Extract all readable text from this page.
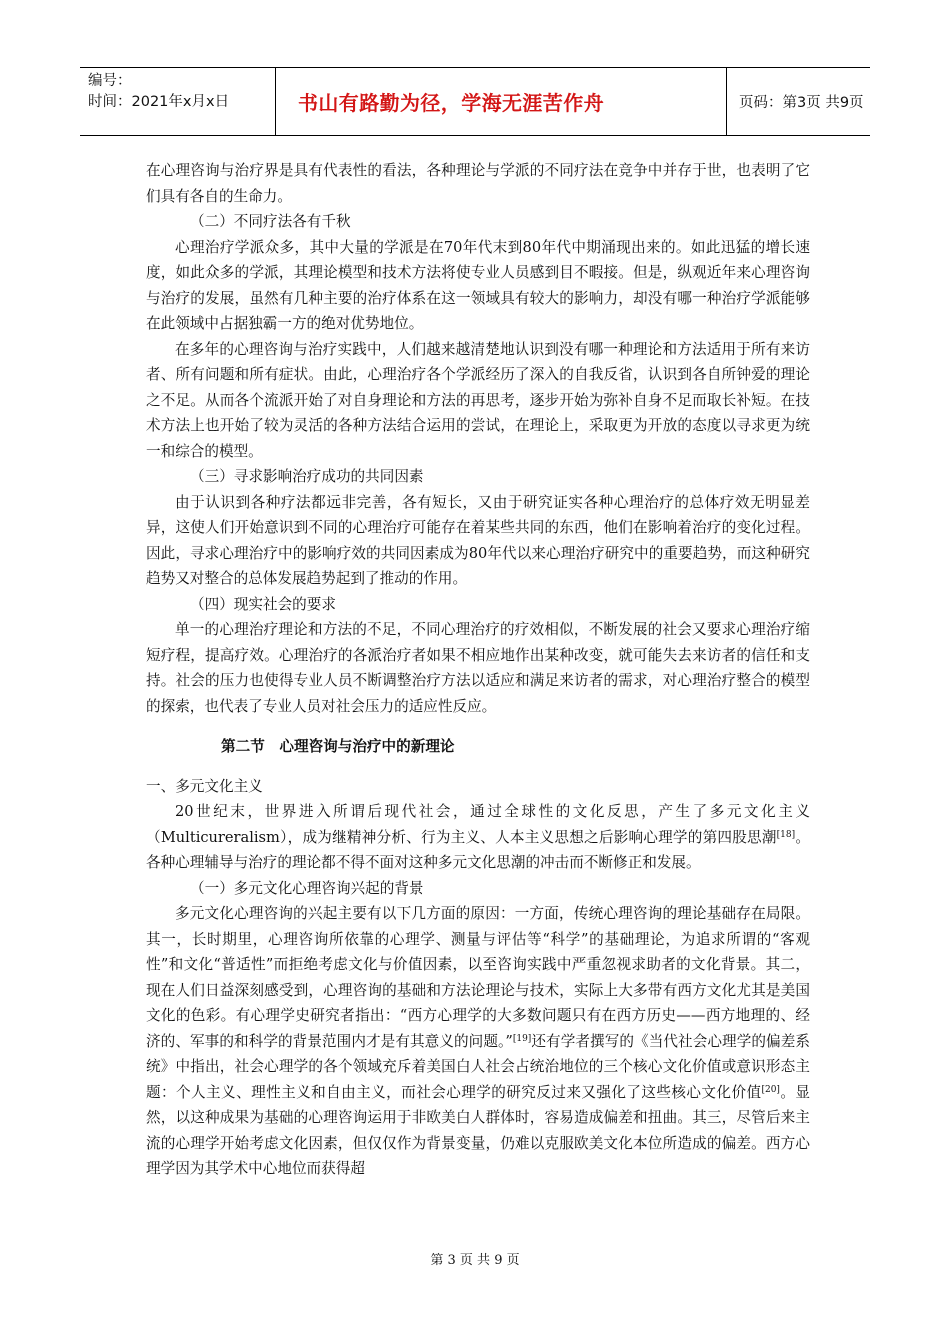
编号：
时间：2021年x月x日	书山有路勤为径，学海无涯苦作舟	页码：第3页 共9页

在心理咨询与治疗界是具有代表性的看法，各种理论与学派的不同疗法在竞争中并存于世，也表明了它们具有各自的生命力。

（二）不同疗法各有千秋

心理治疗学派众多，其中大量的学派是在70年代末到80年代中期涌现出来的。如此迅猛的增长速度，如此众多的学派，其理论模型和技术方法将使专业人员感到目不暇接。但是，纵观近年来心理咨询与治疗的发展，虽然有几种主要的治疗体系在这一领域具有较大的影响力，却没有哪一种治疗学派能够在此领域中占据独霸一方的绝对优势地位。

在多年的心理咨询与治疗实践中，人们越来越清楚地认识到没有哪一种理论和方法适用于所有来访者、所有问题和所有症状。由此，心理治疗各个学派经历了深入的自我反省，认识到各自所钟爱的理论之不足。从而各个流派开始了对自身理论和方法的再思考，逐步开始为弥补自身不足而取长补短。在技术方法上也开始了较为灵活的各种方法结合运用的尝试，在理论上，采取更为开放的态度以寻求更为统一和综合的模型。

（三）寻求影响治疗成功的共同因素

由于认识到各种疗法都远非完善，各有短长，又由于研究证实各种心理治疗的总体疗效无明显差异，这使人们开始意识到不同的心理治疗可能存在着某些共同的东西，他们在影响着治疗的变化过程。因此，寻求心理治疗中的影响疗效的共同因素成为80年代以来心理治疗研究中的重要趋势，而这种研究趋势又对整合的总体发展趋势起到了推动的作用。

（四）现实社会的要求

单一的心理治疗理论和方法的不足，不同心理治疗的疗效相似，不断发展的社会又要求心理治疗缩短疗程，提高疗效。心理治疗的各派治疗者如果不相应地作出某种改变，就可能失去来访者的信任和支持。社会的压力也使得专业人员不断调整治疗方法以适应和满足来访者的需求，对心理治疗整合的模型的探索，也代表了专业人员对社会压力的适应性反应。

第二节　心理咨询与治疗中的新理论

一、多元文化主义

20世纪末，世界进入所谓后现代社会，通过全球性的文化反思，产生了多元文化主义（Multicureralism），成为继精神分析、行为主义、人本主义思想之后影响心理学的第四股思潮[18]。各种心理辅导与治疗的理论都不得不面对这种多元文化思潮的冲击而不断修正和发展。

（一）多元文化心理咨询兴起的背景

多元文化心理咨询的兴起主要有以下几方面的原因：一方面，传统心理咨询的理论基础存在局限。其一，长时期里，心理咨询所依靠的心理学、测量与评估等“科学”的基础理论，为追求所谓的“客观性”和文化“普适性”而拒绝考虑文化与价值因素，以至咨询实践中严重忽视求助者的文化背景。其二，现在人们日益深刻感受到，心理咨询的基础和方法论理论与技术，实际上大多带有西方文化尤其是美国文化的色彩。有心理学史研究者指出：“西方心理学的大多数问题只有在西方历史——西方地理的、经济的、军事的和科学的背景范围内才是有其意义的问题。”[19]还有学者撰写的《当代社会心理学的偏差系统》中指出，社会心理学的各个领域充斥着美国白人社会占统治地位的三个核心文化价值或意识形态主题：个人主义、理性主义和自由主义，而社会心理学的研究反过来又强化了这些核心文化价值[20]。显然，以这种成果为基础的心理咨询运用于非欧美白人群体时，容易造成偏差和扭曲。其三，尽管后来主流的心理学开始考虑文化因素，但仅仅作为背景变量，仍难以克服欧美文化本位所造成的偏差。西方心理学因为其学术中心地位而获得超

第 3 页 共 9 页
